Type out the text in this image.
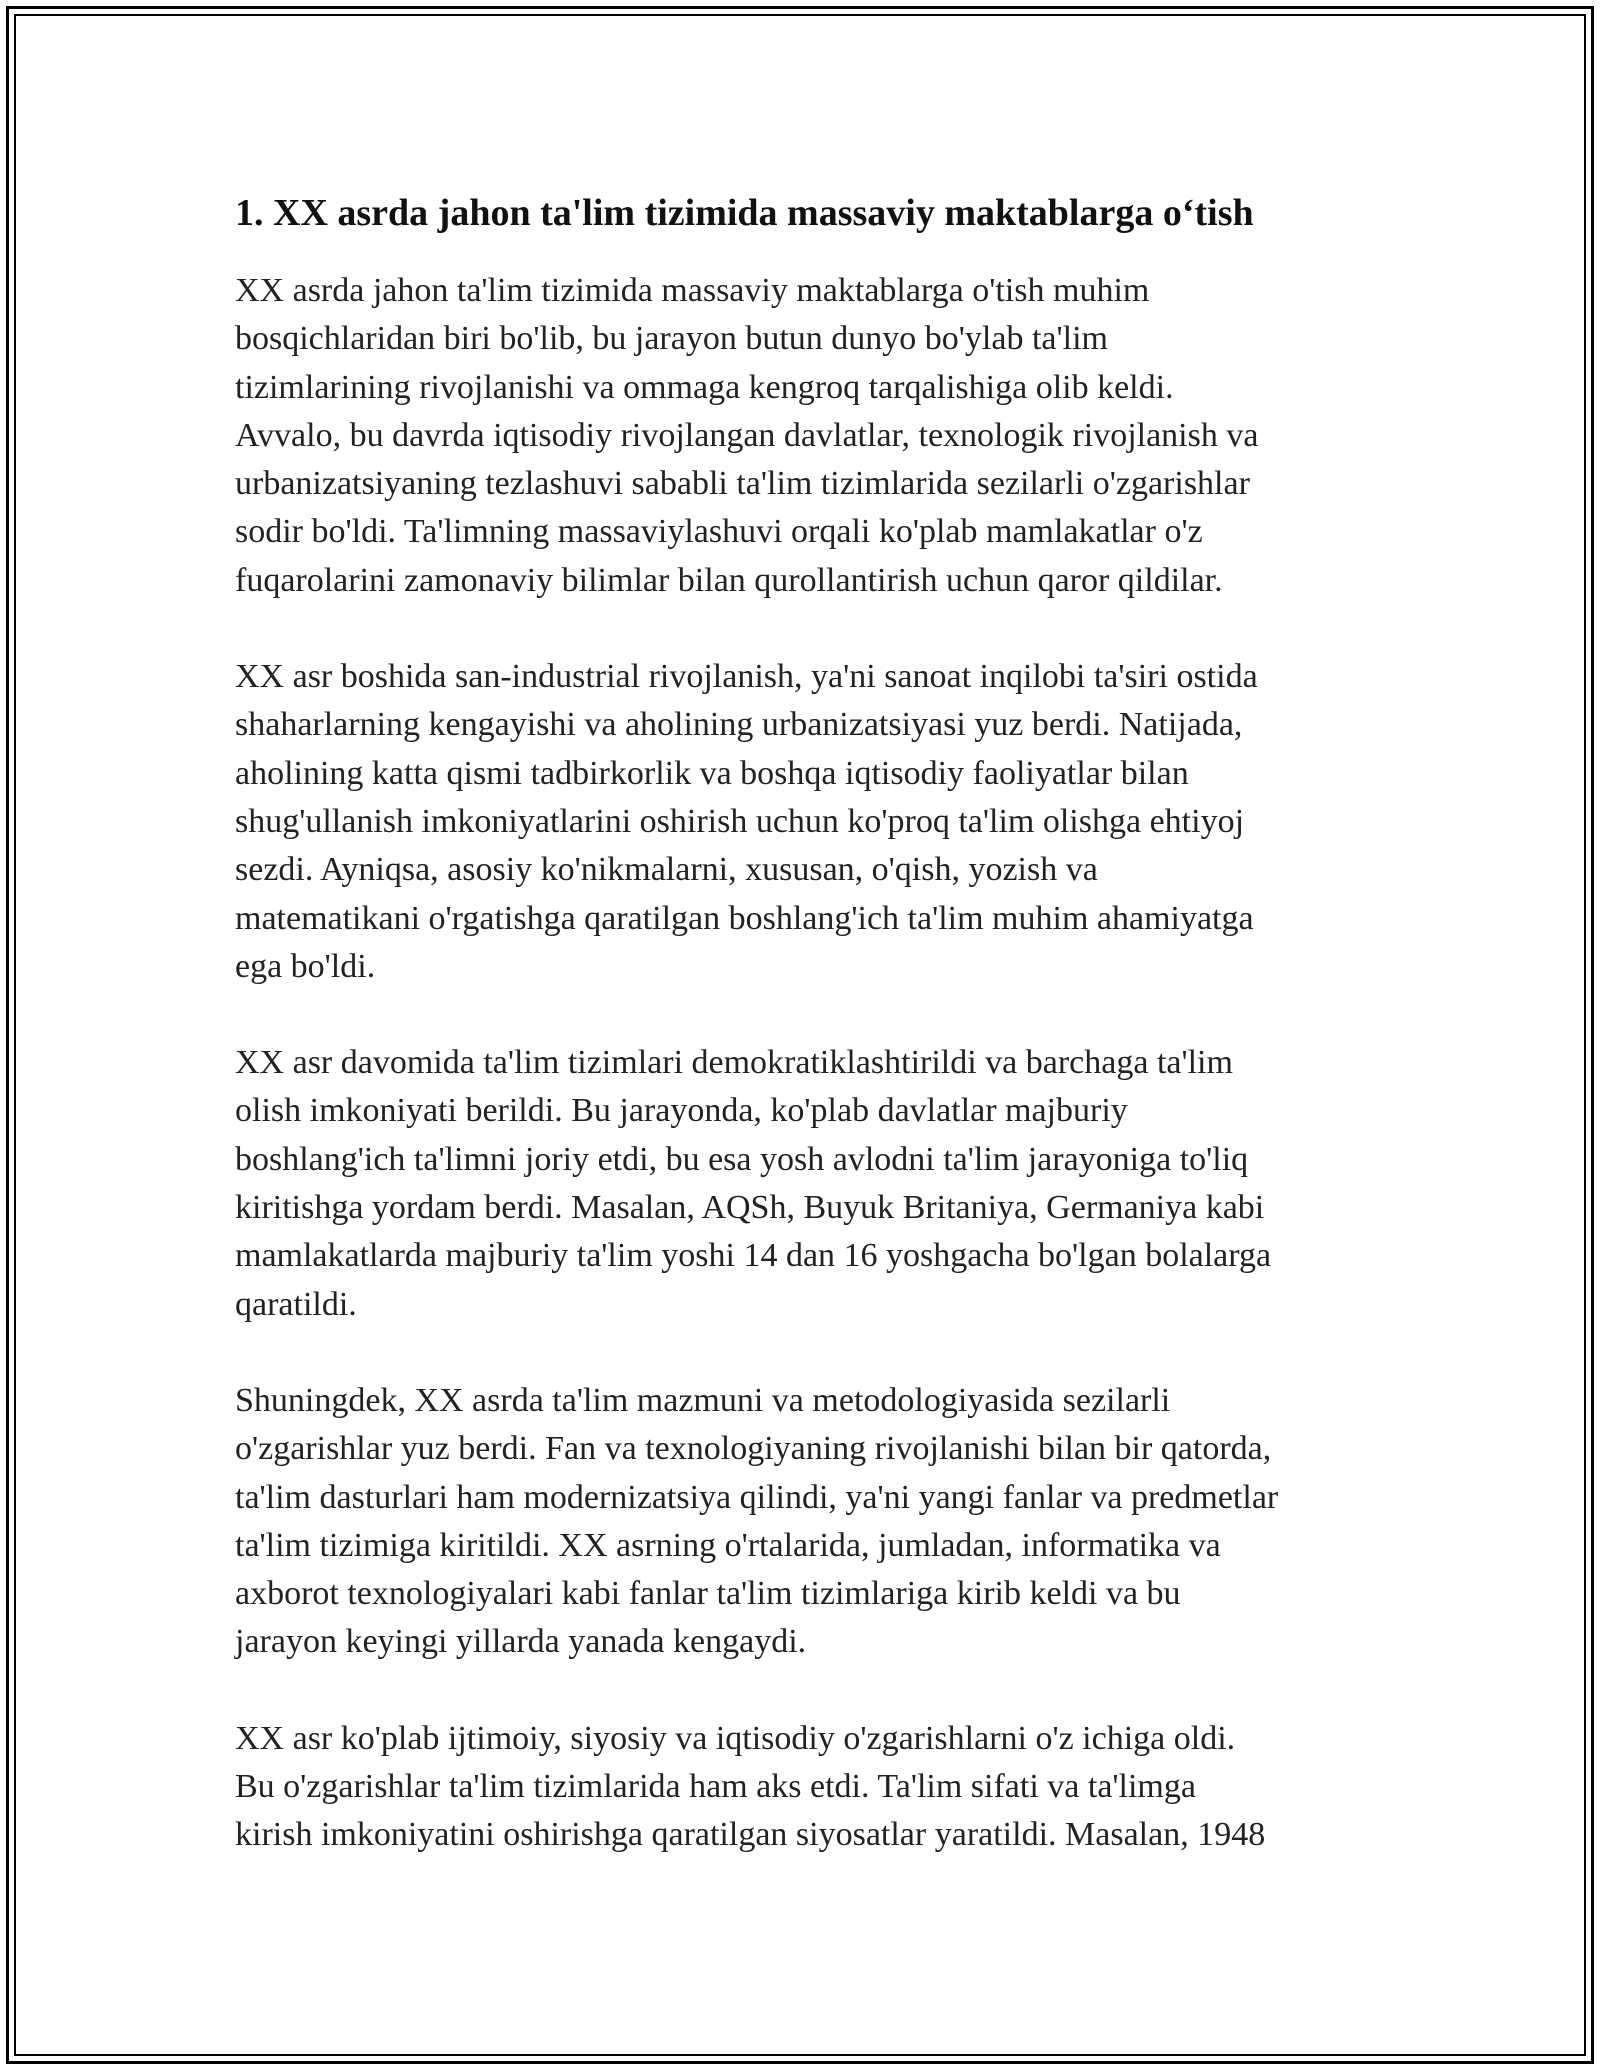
1. XX asrda jahon ta'lim tizimida massaviy maktablarga o‘tish
XX asrda jahon ta'lim tizimida massaviy maktablarga o'tish muhim
bosqichlaridan biri bo'lib, bu jarayon butun dunyo bo'ylab ta'lim
tizimlarining rivojlanishi va ommaga kengroq tarqalishiga olib keldi.
Avvalo, bu davrda iqtisodiy rivojlangan davlatlar, texnologik rivojlanish va
urbanizatsiyaning tezlashuvi sababli ta'lim tizimlarida sezilarli o'zgarishlar
sodir bo'ldi. Ta'limning massaviylashuvi orqali ko'plab mamlakatlar o'z
fuqarolarini zamonaviy bilimlar bilan qurollantirish uchun qaror qildilar.
XX asr boshida san-industrial rivojlanish, ya'ni sanoat inqilobi ta'siri ostida
shaharlarning kengayishi va aholining urbanizatsiyasi yuz berdi. Natijada,
aholining katta qismi tadbirkorlik va boshqa iqtisodiy faoliyatlar bilan
shug'ullanish imkoniyatlarini oshirish uchun ko'proq ta'lim olishga ehtiyoj
sezdi. Ayniqsa, asosiy ko'nikmalarni, xususan, o'qish, yozish va
matematikani o'rgatishga qaratilgan boshlang'ich ta'lim muhim ahamiyatga
ega bo'ldi.
XX asr davomida ta'lim tizimlari demokratiklashtirildi va barchaga ta'lim
olish imkoniyati berildi. Bu jarayonda, ko'plab davlatlar majburiy
boshlang'ich ta'limni joriy etdi, bu esa yosh avlodni ta'lim jarayoniga to'liq
kiritishga yordam berdi. Masalan, AQSh, Buyuk Britaniya, Germaniya kabi
mamlakatlarda majburiy ta'lim yoshi 14 dan 16 yoshgacha bo'lgan bolalarga
qaratildi.
Shuningdek, XX asrda ta'lim mazmuni va metodologiyasida sezilarli
o'zgarishlar yuz berdi. Fan va texnologiyaning rivojlanishi bilan bir qatorda,
ta'lim dasturlari ham modernizatsiya qilindi, ya'ni yangi fanlar va predmetlar
ta'lim tizimiga kiritildi. XX asrning o'rtalarida, jumladan, informatika va
axborot texnologiyalari kabi fanlar ta'lim tizimlariga kirib keldi va bu
jarayon keyingi yillarda yanada kengaydi.
XX asr ko'plab ijtimoiy, siyosiy va iqtisodiy o'zgarishlarni o'z ichiga oldi.
Bu o'zgarishlar ta'lim tizimlarida ham aks etdi. Ta'lim sifati va ta'limga
kirish imkoniyatini oshirishga qaratilgan siyosatlar yaratildi. Masalan, 1948
